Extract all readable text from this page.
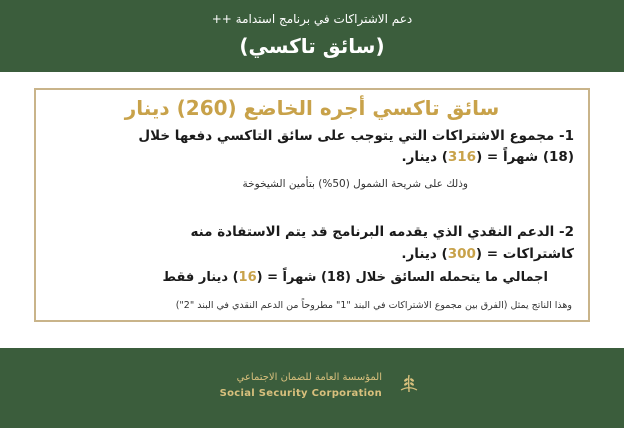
دعم الاشتراكات في برنامج استدامة ++
(سائق تاكسي)
سائق تاكسي أجره الخاضع (260) دينار
1- مجموع الاشتراكات التي يتوجب على سائق التاكسي دفعها خلال
(18) شهراً = (316) دينار.
وذلك على شريحة الشمول (50%) بتأمين الشيخوخة
2- الدعم النقدي الذي يقدمه البرنامج قد يتم الاستفادة منه
كاشتراكات = (300) دينار.
اجمالي ما يتحمله السائق خلال (18) شهراً = (16) دينار فقط
وهذا الناتج يمثل (الفرق بين مجموع الاشتراكات في البند "1" مطروحاً من الدعم النقدي في البند "2")
المؤسسة العامة للضمان الاجتماعي
Social Security Corporation
